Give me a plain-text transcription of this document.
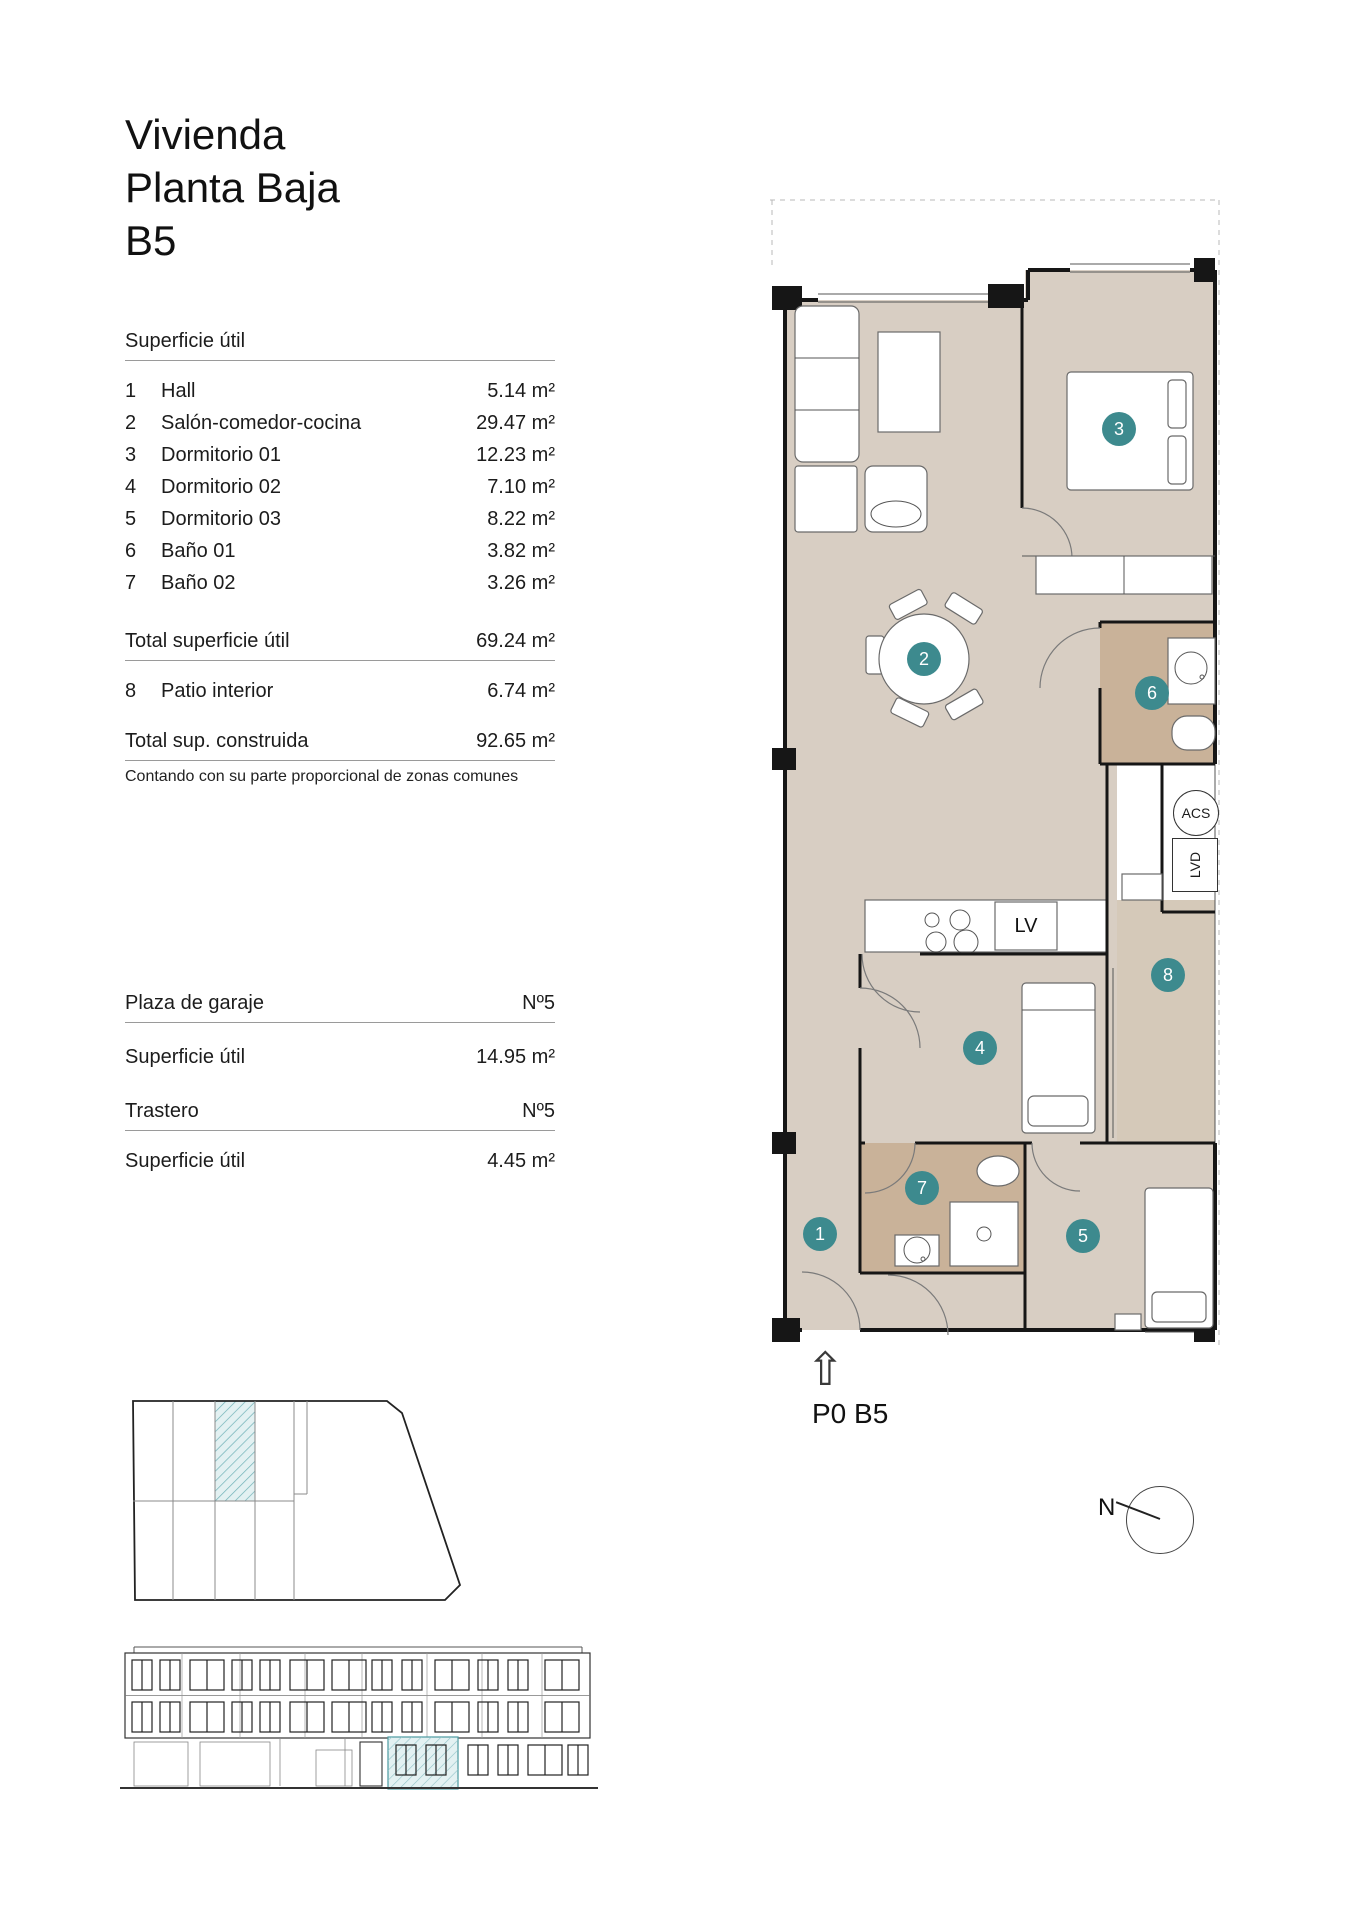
Vivienda
Planta Baja
B5
Superficie útil
1	Hall	5.14 m²
2	Salón-comedor-cocina	29.47 m²
3	Dormitorio 01	12.23 m²
4	Dormitorio 02	7.10 m²
5	Dormitorio 03	8.22 m²
6	Baño 01	3.82 m²
7	Baño 02	3.26 m²
Total superficie útil	69.24 m²
8	Patio interior	6.74 m²
Total sup. construida	92.65 m²
Contando con su parte proporcional de zonas comunes
Plaza de garaje	Nº5
Superficie útil	14.95 m²
Trastero	Nº5
Superficie útil	4.45 m²
1
2
3
4
5
6
7
8
LV
ACS
LVD
⇧
P0 B5
N
